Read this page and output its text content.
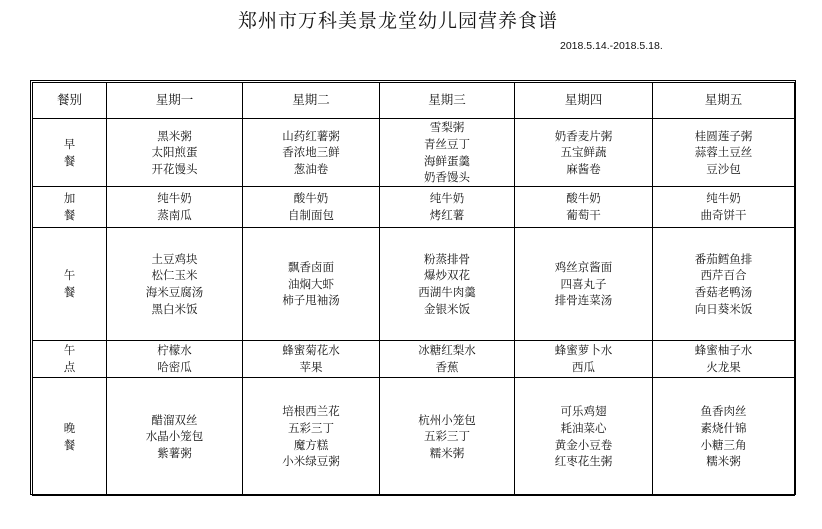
郑州市万科美景龙堂幼儿园营养食谱
2018.5.14.-2018.5.18.
餐别	星期一	星期二	星期三	星期四	星期五
早餐	黑米粥
太阳煎蛋
开花馒头	山药红薯粥
香浓地三鲜
葱油卷	雪梨粥
青丝豆丁
海鲜蛋羹
奶香馒头	奶香麦片粥
五宝鲜蔬
麻酱卷	桂圆莲子粥
蒜蓉土豆丝
豆沙包

加餐	纯牛奶
蒸南瓜	酸牛奶
自制面包	纯牛奶
烤红薯	酸牛奶
葡萄干	纯牛奶
曲奇饼干

午餐	土豆鸡块
松仁玉米
海米豆腐汤
黑白米饭	飘香卤面
油焖大虾
柿子甩袖汤	粉蒸排骨
爆炒双花
西湖牛肉羹
金银米饭	鸡丝京酱面
四喜丸子
排骨连菜汤	番茄鳕鱼排
西芹百合
香菇老鸭汤
向日葵米饭

午点	柠檬水
哈密瓜	蜂蜜菊花水
苹果	冰糖红梨水
香蕉	蜂蜜萝卜水
西瓜	蜂蜜柚子水
火龙果

晚餐	醋溜双丝
水晶小笼包
紫薯粥	培根西兰花
五彩三丁
魔方糕
小米绿豆粥	杭州小笼包
五彩三丁
糯米粥	可乐鸡翅
耗油菜心
黄金小豆卷
红枣花生粥	鱼香肉丝
素烧什锦
小糖三角
糯米粥
